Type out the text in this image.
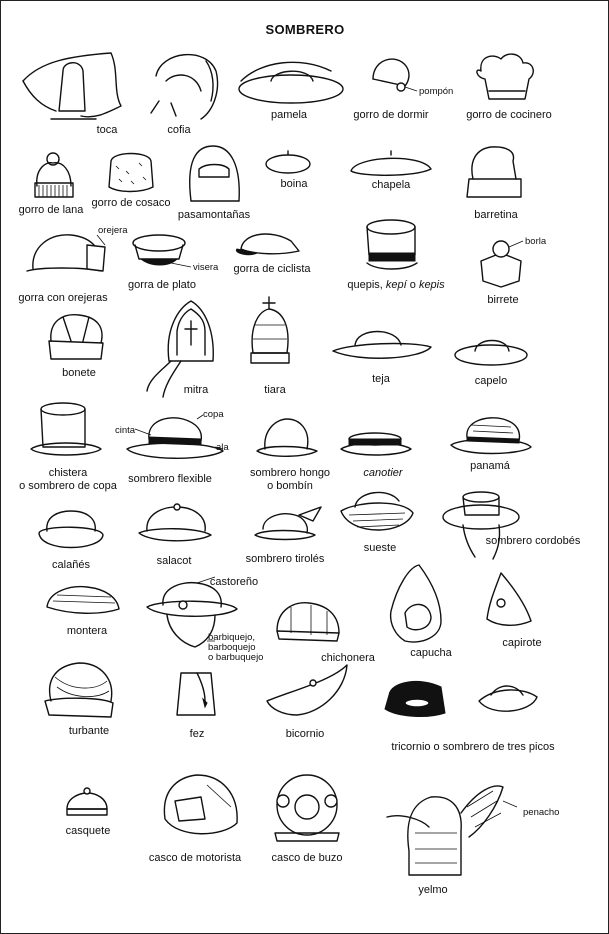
SOMBRERO
toca	cofia
pamela	gorro de dormir
pompón
gorro de cocinero
gorro de lana
gorro de cosaco
pasamontañas
boina	chapela
barretina
orejera
gorra con orejeras
visera
gorra de plato
gorra de ciclista
quepis, kepí o kepis
borla
birrete
bonete
mitra	tiara
teja	capelo
copa
cinta
ala
chistera
o sombrero de copa
sombrero flexible	sombrero hongo
o bombín
canotier
panamá
calañés	salacot	sombrero tirolés
sueste
sombrero cordobés
castoreño
montera
barbiquejo,
barboquejo
o barbuquejo	chichonera	capucha
capirote
turbante	fez	bicornio
tricornio o sombrero de tres picos
penacho
casquete
casco de motorista	casco de buzo
yelmo
